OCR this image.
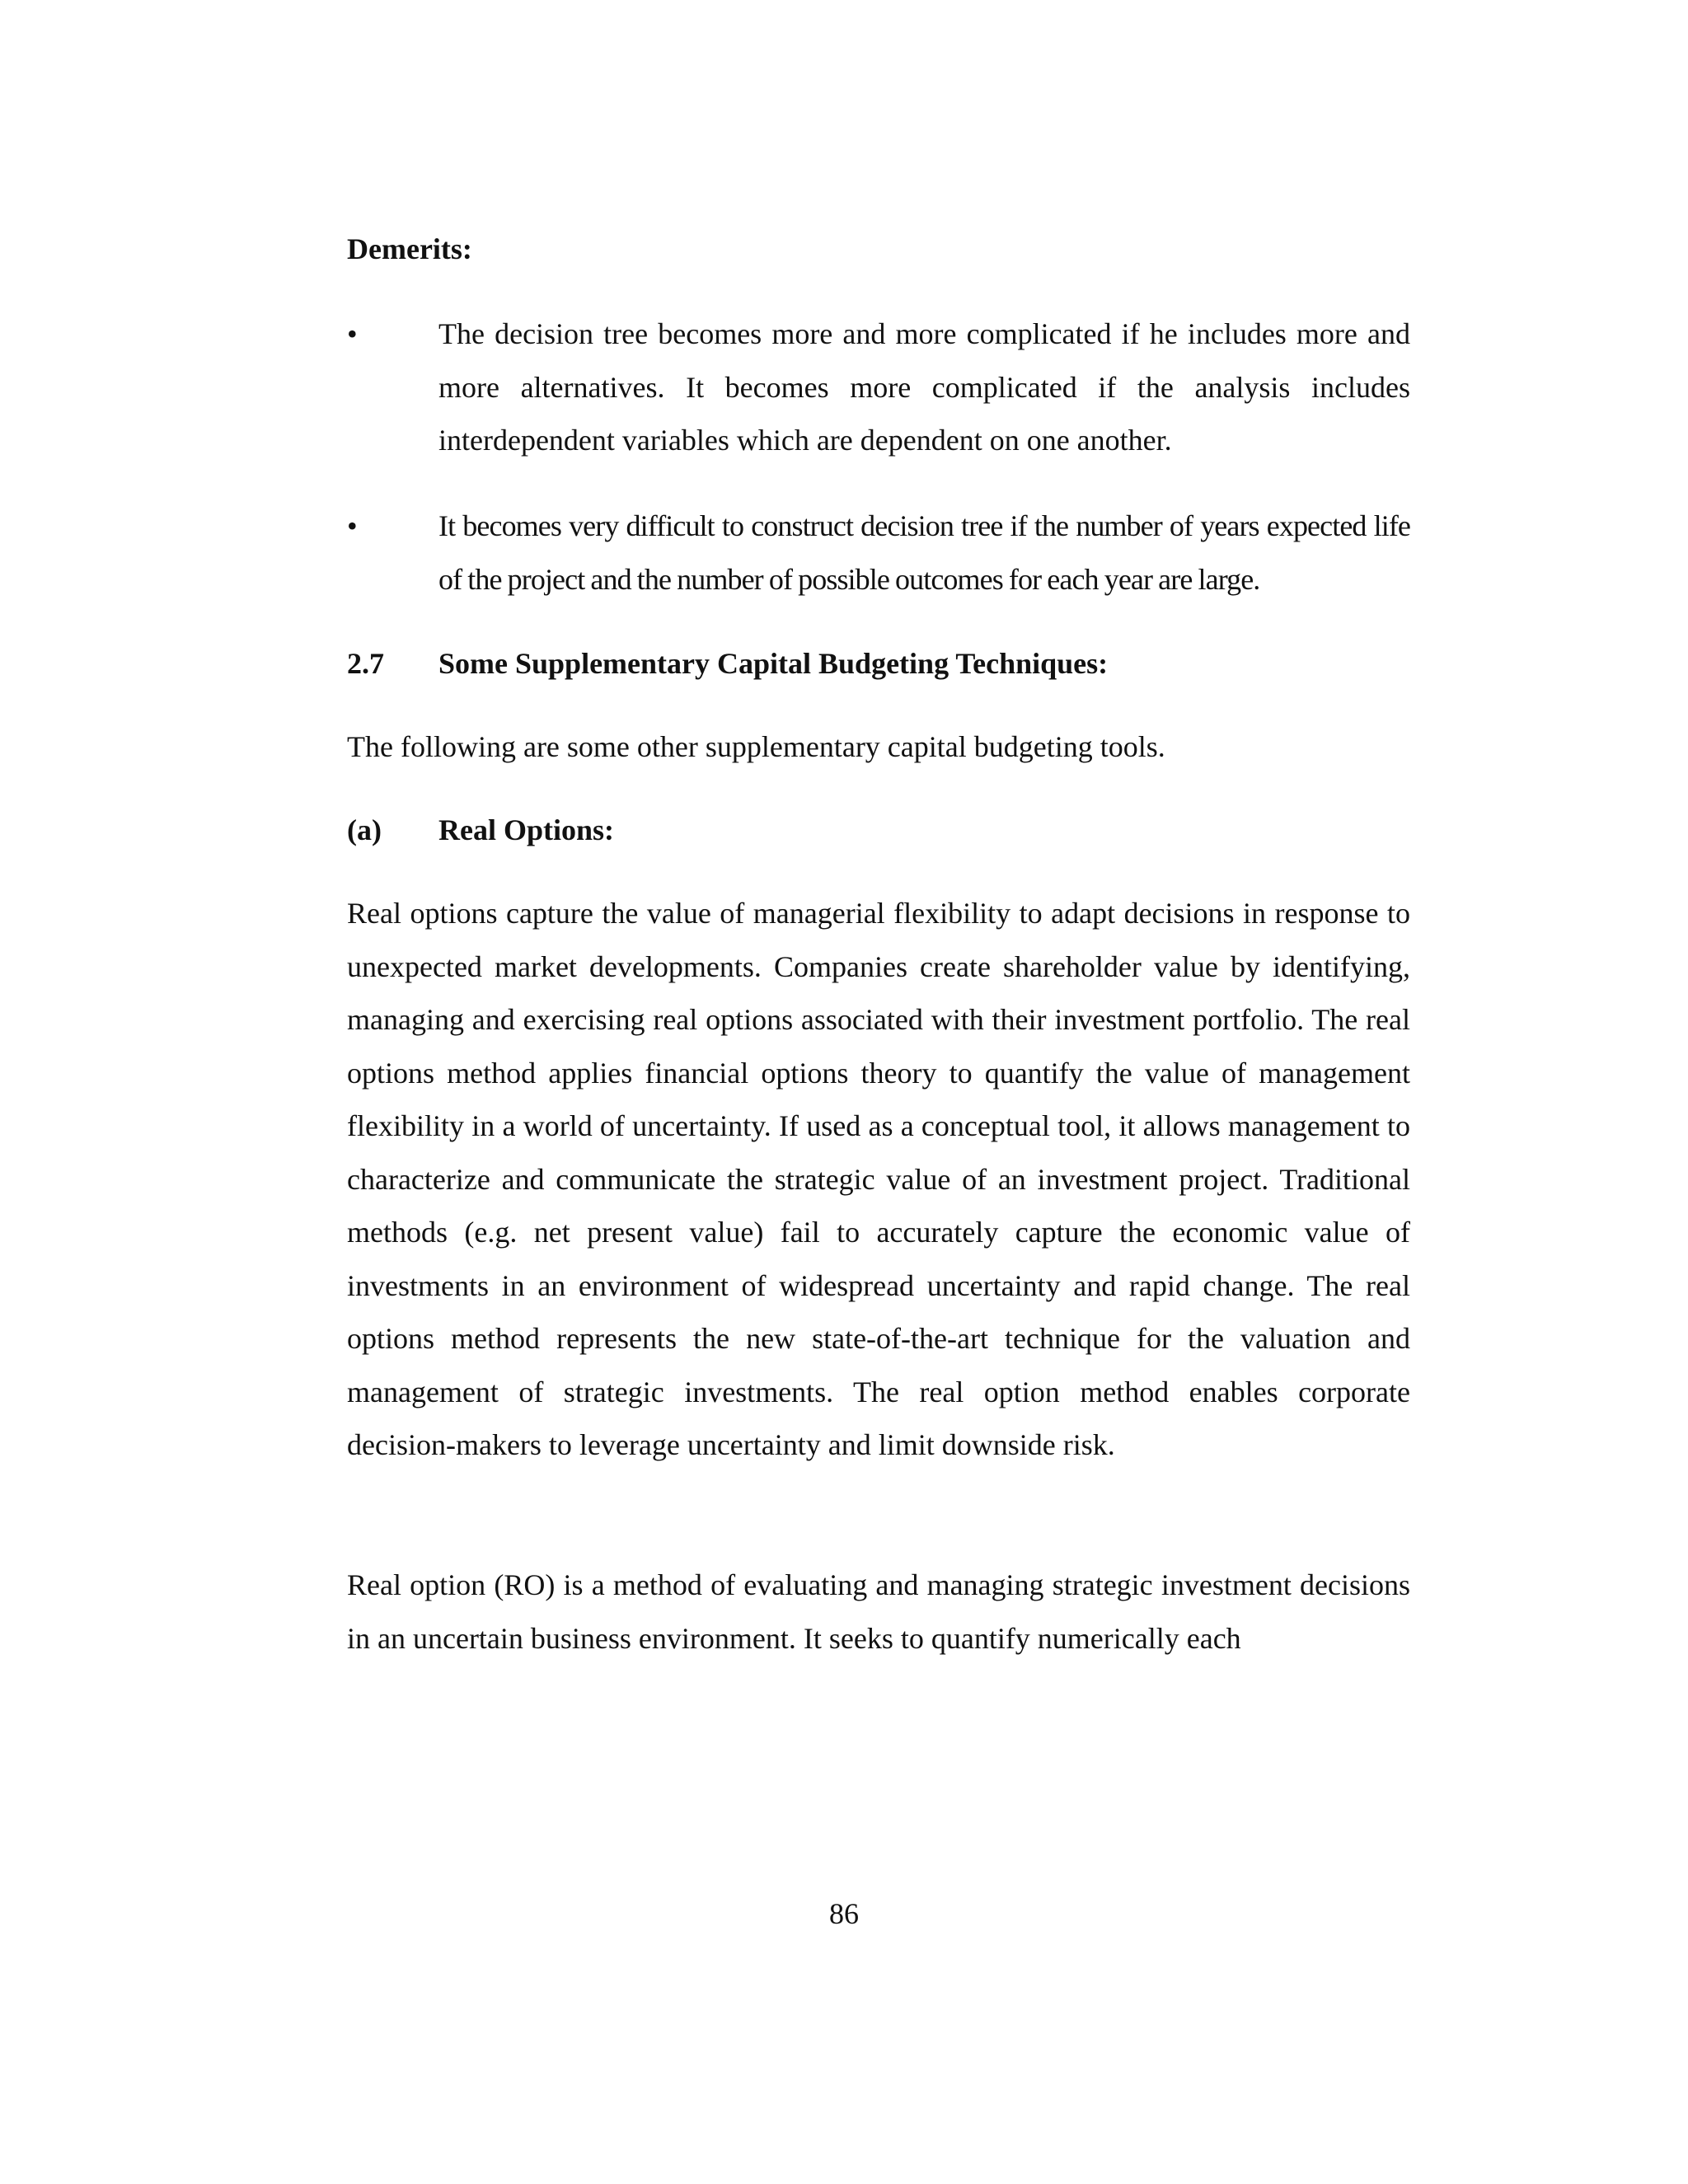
Demerits:
•	The decision tree becomes more and more complicated if he includes more and more alternatives. It becomes more complicated if the analysis includes interdependent variables which are dependent on one another.
•	It becomes very difficult to construct decision tree if the number of years expected life of the project and the number of possible outcomes for each year are large.
2.7 Some Supplementary Capital Budgeting Techniques:
The following are some other supplementary capital budgeting tools.
(a) Real Options:
Real options capture the value of managerial flexibility to adapt decisions in response to unexpected market developments. Companies create shareholder value by identifying, managing and exercising real options associated with their investment portfolio. The real options method applies financial options theory to quantify the value of management flexibility in a world of uncertainty. If used as a conceptual tool, it allows management to characterize and communicate the strategic value of an investment project. Traditional methods (e.g. net present value) fail to accurately capture the economic value of investments in an environment of widespread uncertainty and rapid change. The real options method represents the new state-of-the-art technique for the valuation and management of strategic investments. The real option method enables corporate decision-makers to leverage uncertainty and limit downside risk.
Real option (RO) is a method of evaluating and managing strategic investment decisions in an uncertain business environment. It seeks to quantify numerically each
86
